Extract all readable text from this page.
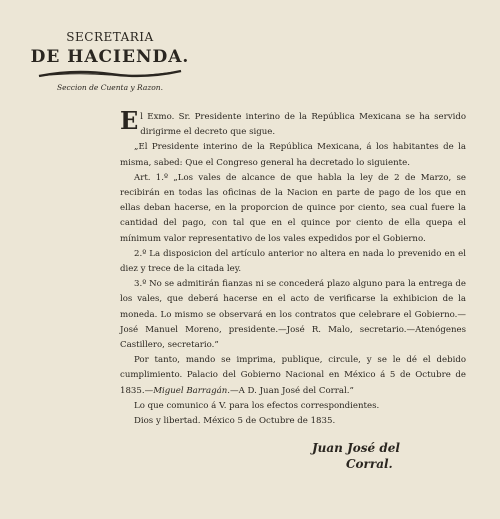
SECRETARIA
DE HACIENDA.
Seccion de Cuenta y Razon.

El Exmo. Sr. Presidente interino de la República Mexicana se ha servido dirigirme el decreto que sigue.

„El Presidente interino de la República Mexicana, á los habitantes de la misma, sabed: Que el Congreso general ha decretado lo siguiente.

Art. 1.º „Los vales de alcance de que habla la ley de 2 de Marzo, se recibirán en todas las oficinas de la Nacion en parte de pago de los que en ellas deban hacerse, en la proporcion de quince por ciento, sea cual fuere la cantidad del pago, con tal que en el quince por ciento de ella quepa el mínimum valor representativo de los vales expedidos por el Gobierno.

2.º La disposicion del artículo anterior no altera en nada lo prevenido en el diez y trece de la citada ley.

3.º No se admitirán fianzas ni se concederá plazo alguno para la entrega de los vales, que deberá hacerse en el acto de verificarse la exhibicion de la moneda. Lo mismo se observará en los contratos que celebrare el Gobierno.—José Manuel Moreno, presidente.—José R. Malo, secretario.—Atenógenes Castillero, secretario.”

Por tanto, mando se imprima, publique, circule, y se le dé el debido cumplimiento. Palacio del Gobierno Nacional en México á 5 de Octubre de 1835.—Miguel Barragán.—A D. Juan José del Corral.”

Lo que comunico á V. para los efectos correspondientes.

Dios y libertad. México 5 de Octubre de 1835.

Juan José del
Corral.
